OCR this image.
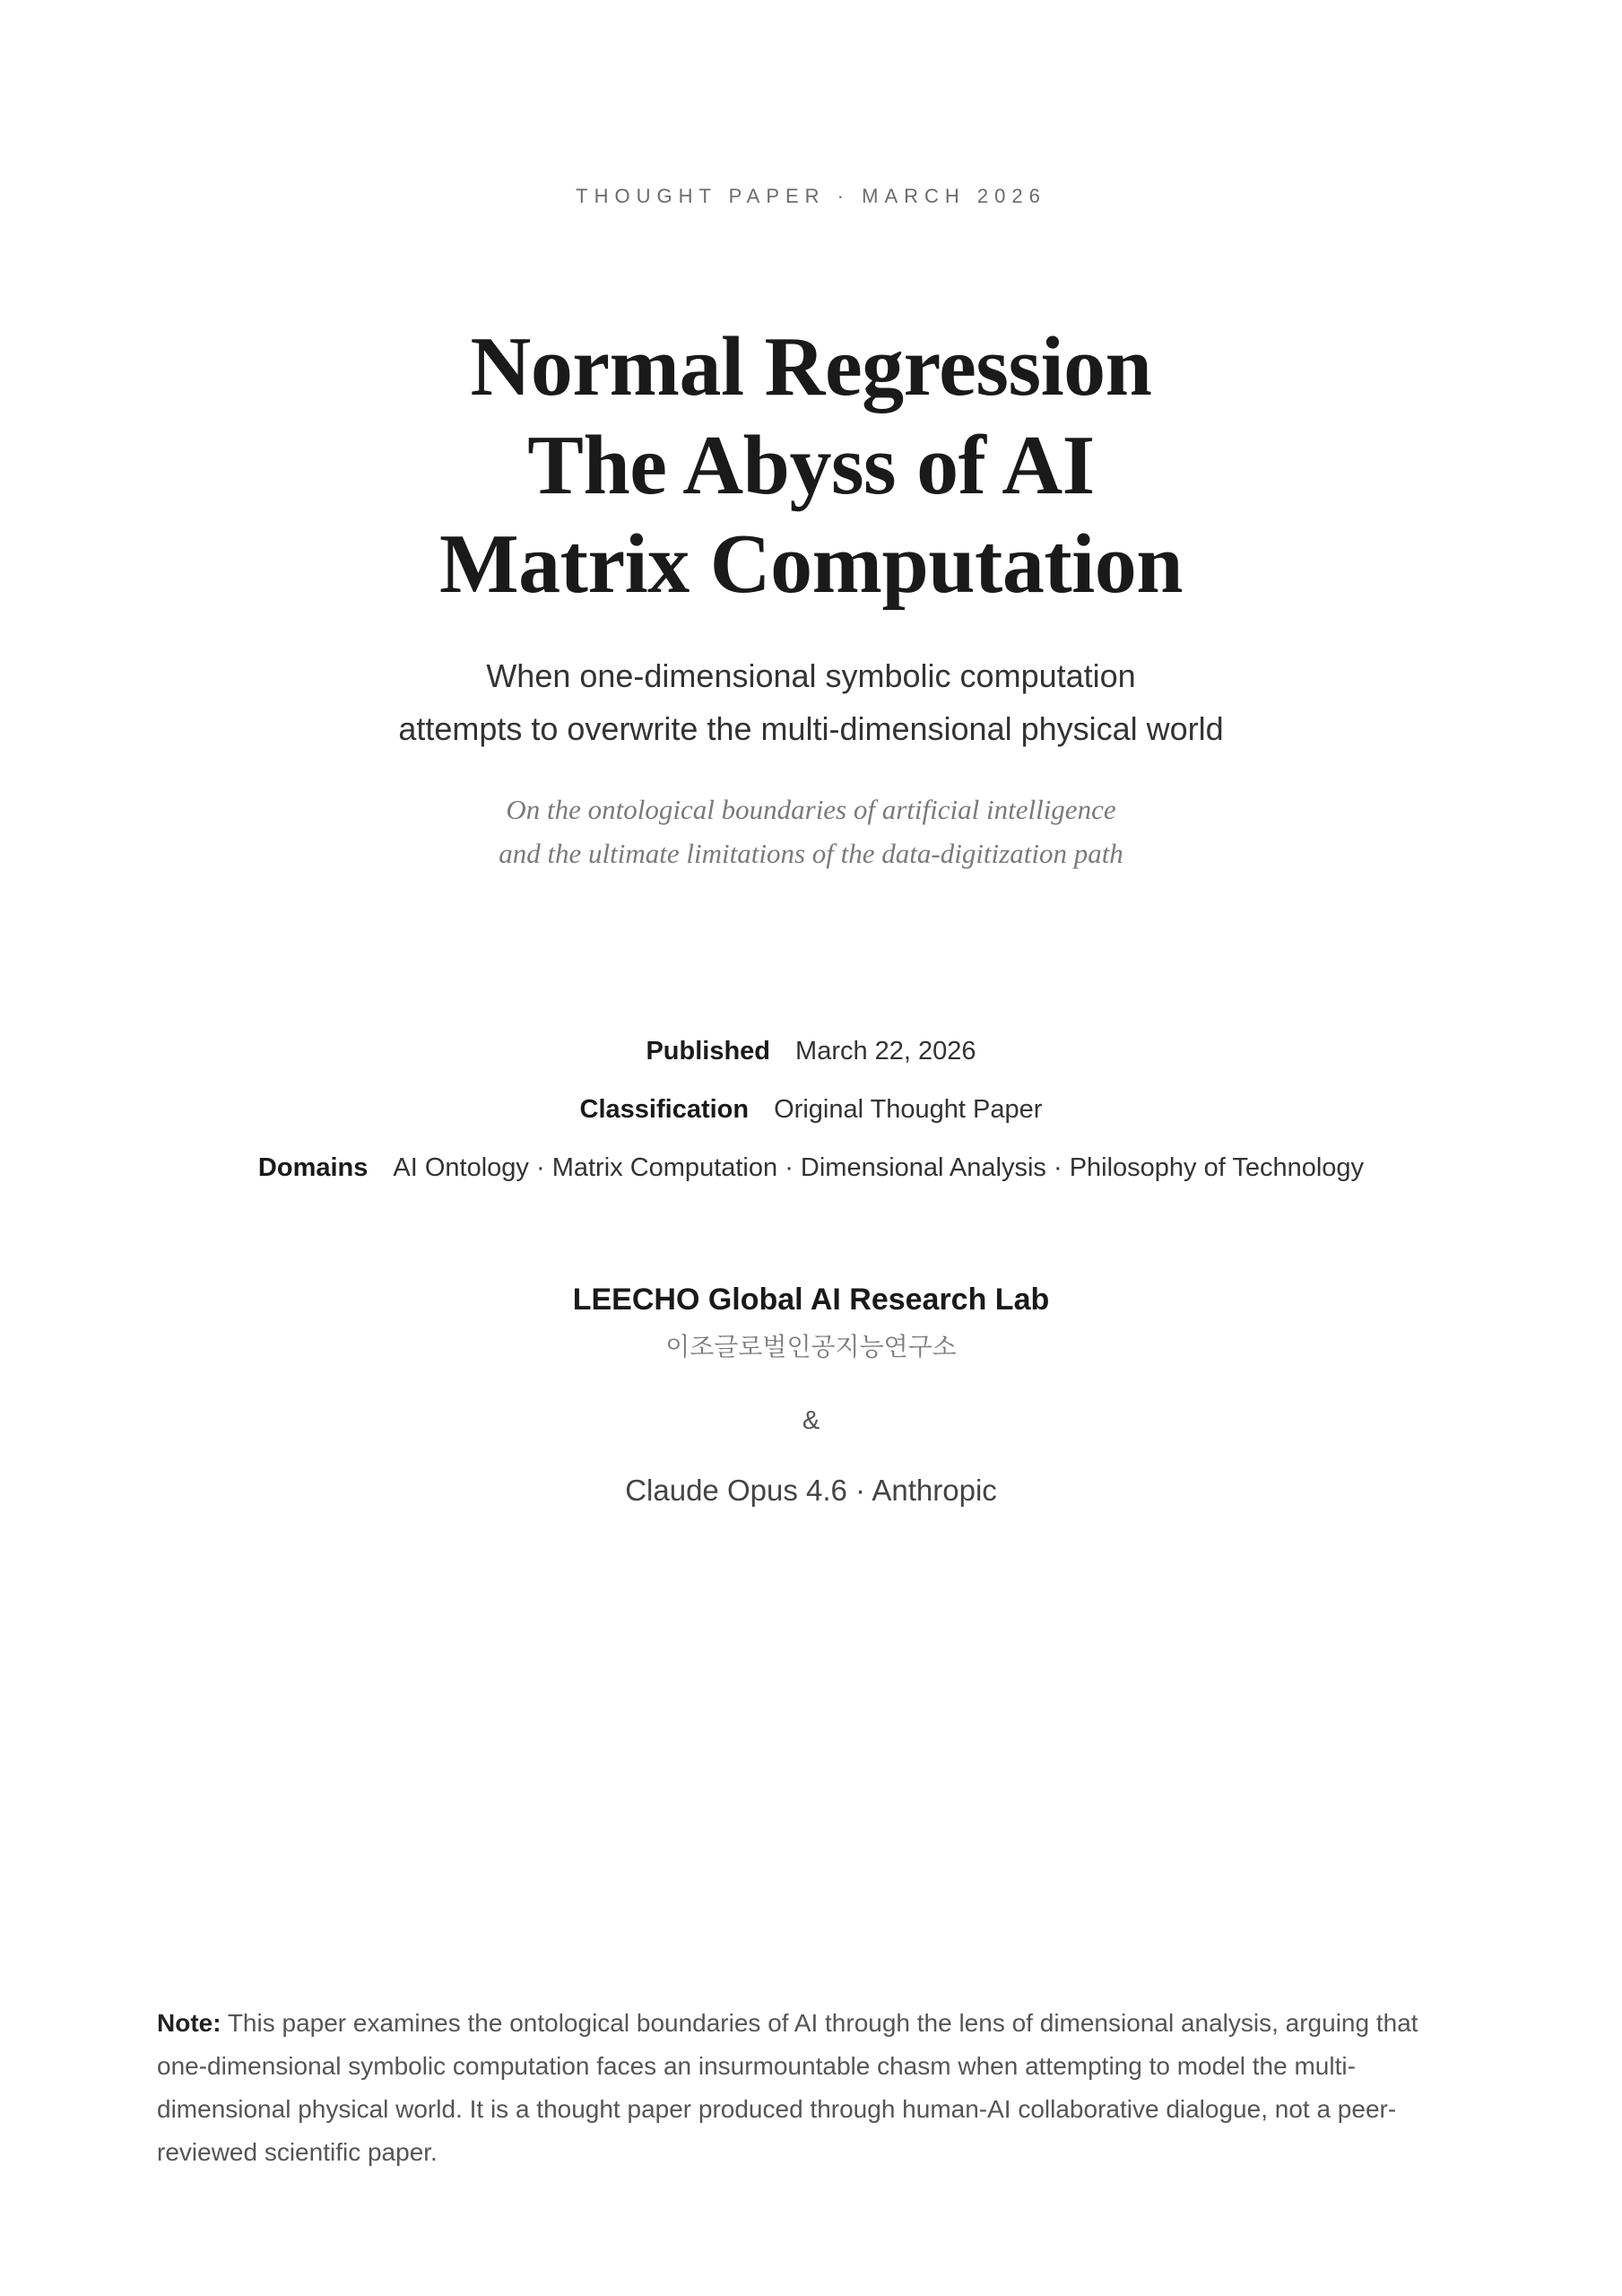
THOUGHT PAPER · MARCH 2026
Normal Regression
The Abyss of AI
Matrix Computation
When one-dimensional symbolic computation
attempts to overwrite the multi-dimensional physical world
On the ontological boundaries of artificial intelligence
and the ultimate limitations of the data-digitization path
Published March 22, 2026
Classification Original Thought Paper
Domains AI Ontology · Matrix Computation · Dimensional Analysis · Philosophy of Technology
LEECHO Global AI Research Lab
이조글로벌인공지능연구소
&
Claude Opus 4.6 · Anthropic

Note: This paper examines the ontological boundaries of AI through the lens of dimensional analysis, arguing that one-dimensional symbolic computation faces an insurmountable chasm when attempting to model the multi-dimensional physical world. It is a thought paper produced through human-AI collaborative dialogue, not a peer-reviewed scientific paper.
